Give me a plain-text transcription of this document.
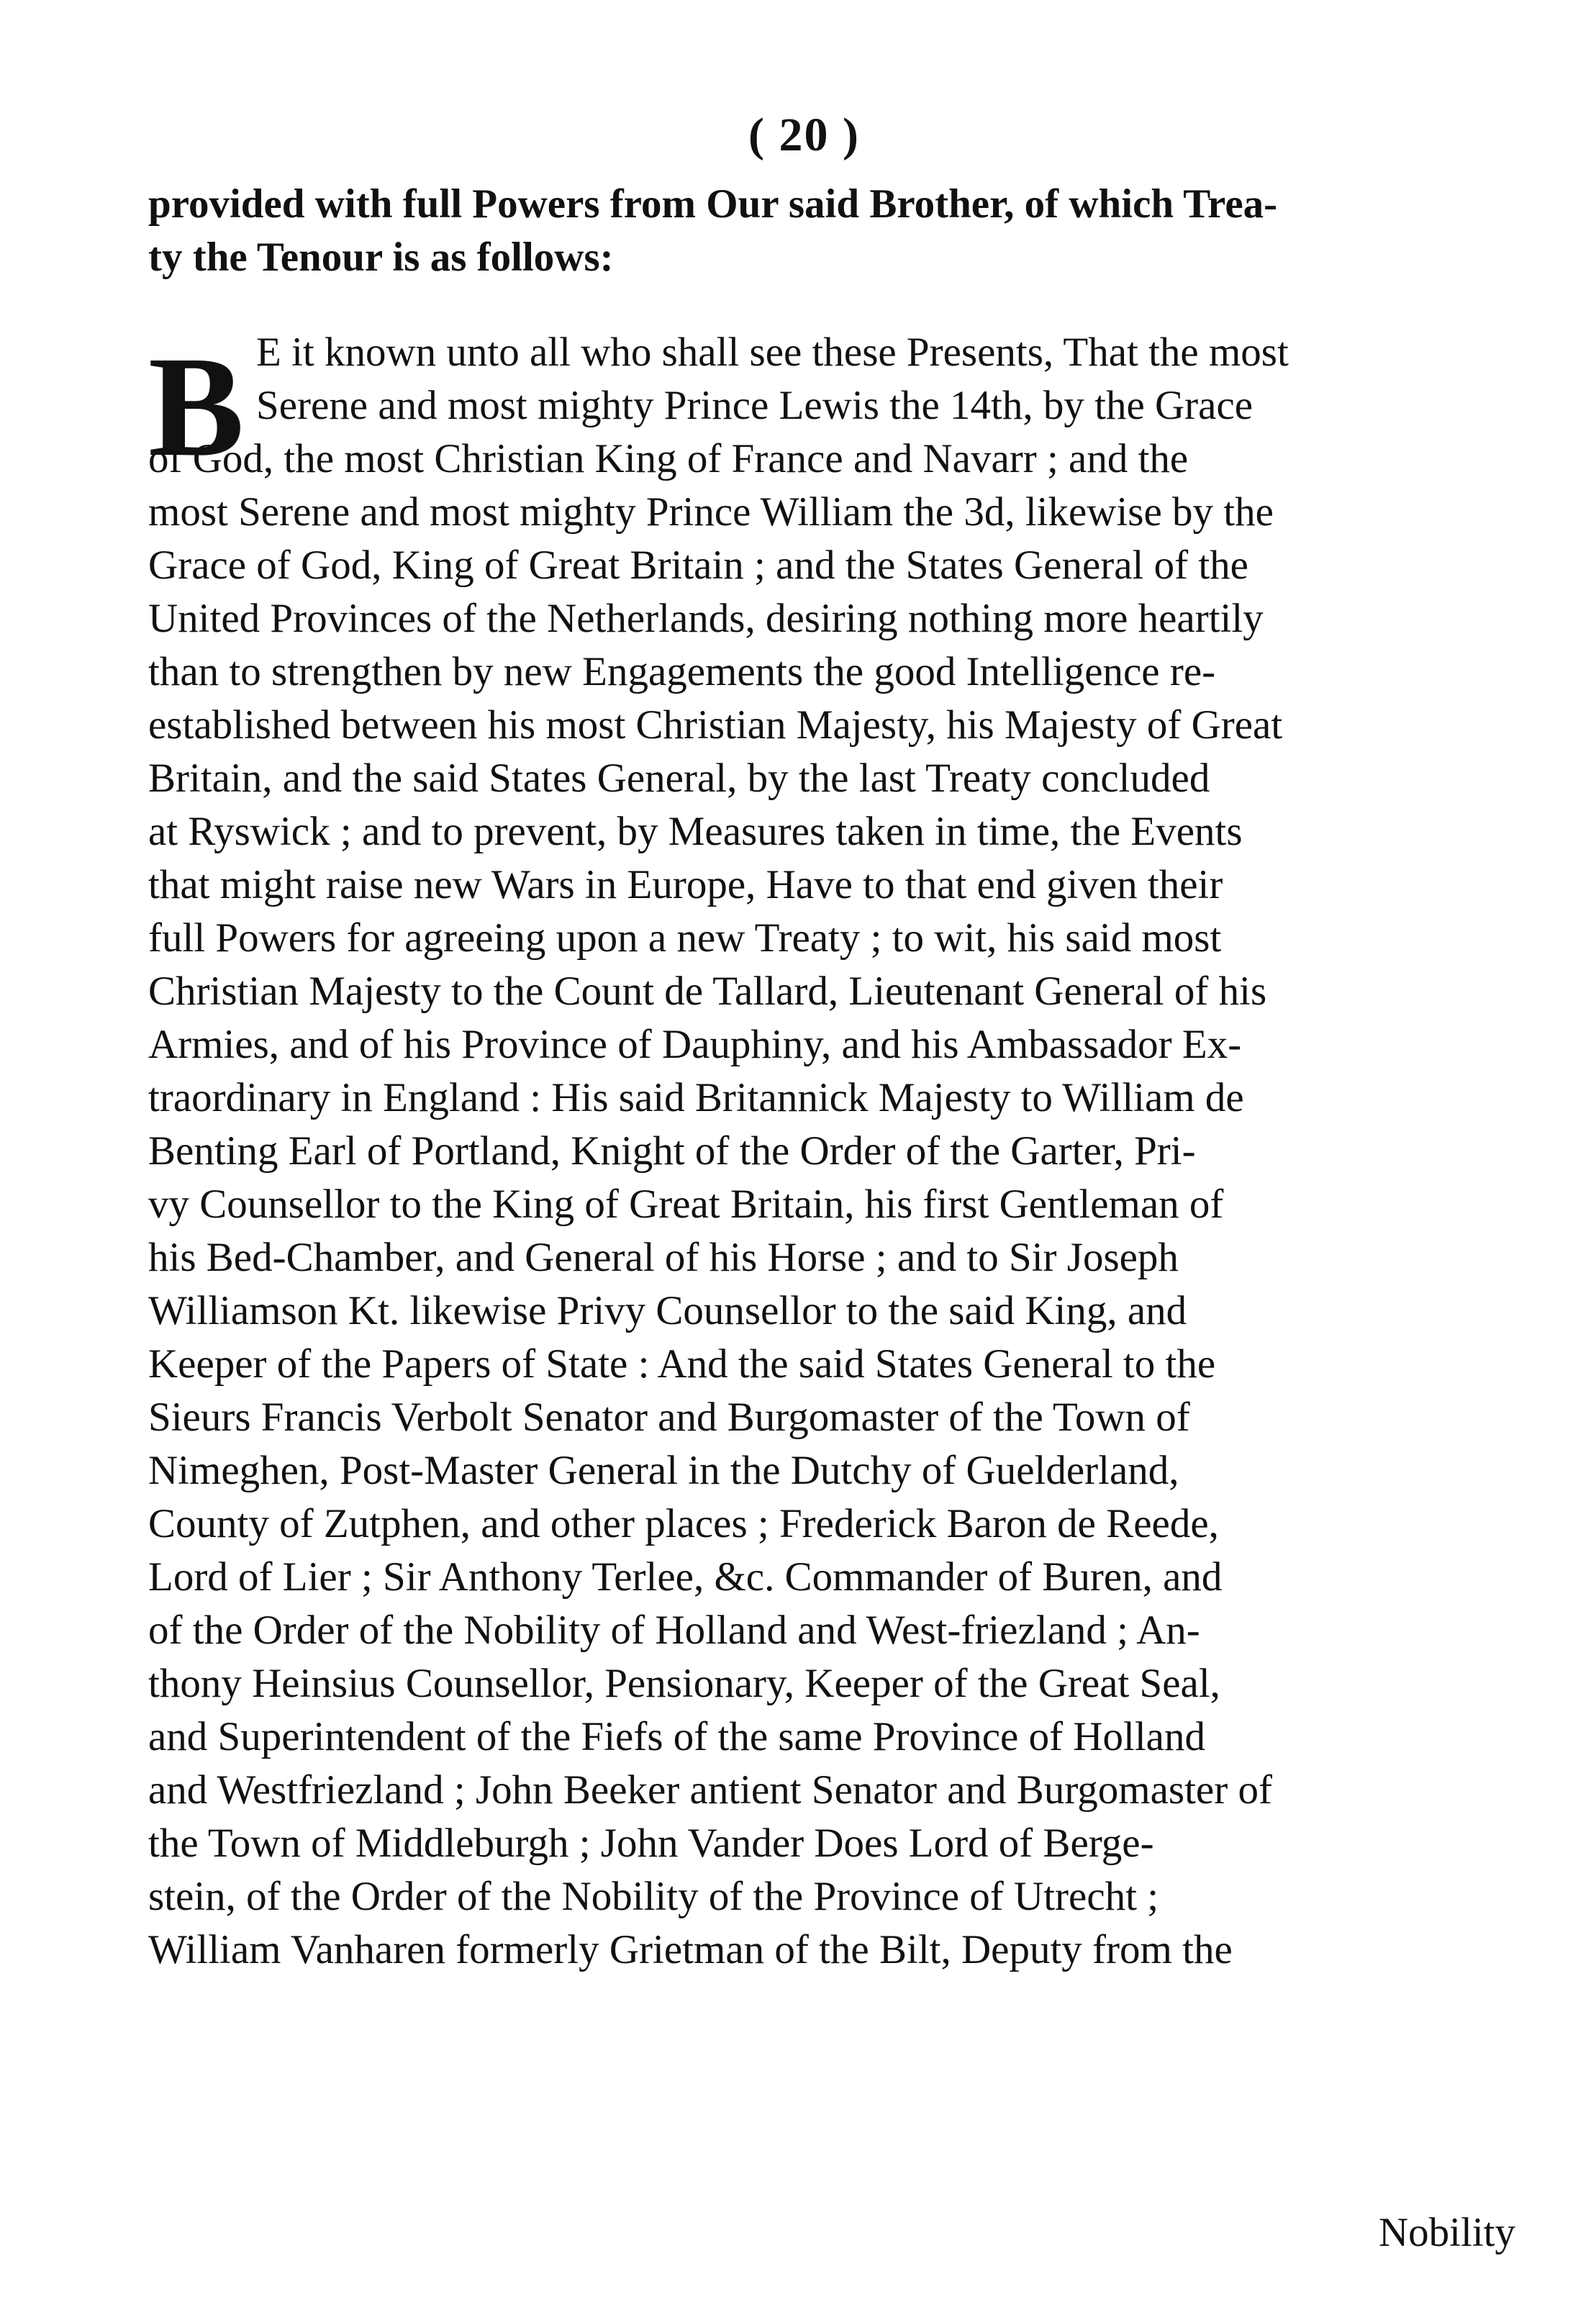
( 20 )
provided with full Powers from Our said Brother, of which Trea-
ty the Tenour is as follows:
B E it known unto all who shall see these Presents, That the most
Serene and most mighty Prince Lewis the 14th, by the Grace
of God, the most Christian King of France and Navarr ; and the
most Serene and most mighty Prince William the 3d, likewise by the
Grace of God, King of Great Britain ; and the States General of the
United Provinces of the Netherlands, desiring nothing more heartily
than to strengthen by new Engagements the good Intelligence re-
established between his most Christian Majesty, his Majesty of Great
Britain, and the said States General, by the last Treaty concluded
at Ryswick ; and to prevent, by Measures taken in time, the Events
that might raise new Wars in Europe, Have to that end given their
full Powers for agreeing upon a new Treaty ; to wit, his said most
Christian Majesty to the Count de Tallard, Lieutenant General of his
Armies, and of his Province of Dauphiny, and his Ambassador Ex-
traordinary in England : His said Britannick Majesty to William de
Benting Earl of Portland, Knight of the Order of the Garter, Pri-
vy Counsellor to the King of Great Britain, his first Gentleman of
his Bed-Chamber, and General of his Horse ; and to Sir Joseph
Williamson Kt. likewise Privy Counsellor to the said King, and
Keeper of the Papers of State : And the said States General to the
Sieurs Francis Verbolt Senator and Burgomaster of the Town of
Nimeghen, Post-Master General in the Dutchy of Guelderland,
County of Zutphen, and other places ; Frederick Baron de Reede,
Lord of Lier ; Sir Anthony Terlee, &c. Commander of Buren, and
of the Order of the Nobility of Holland and West-friezland ; An-
thony Heinsius Counsellor, Pensionary, Keeper of the Great Seal,
and Superintendent of the Fiefs of the same Province of Holland
and Westfriezland ; John Beeker antient Senator and Burgomaster of
the Town of Middleburgh ; John Vander Does Lord of Berge-
stein, of the Order of the Nobility of the Province of Utrecht ;
William Vanharen formerly Grietman of the Bilt, Deputy from the
Nobility
